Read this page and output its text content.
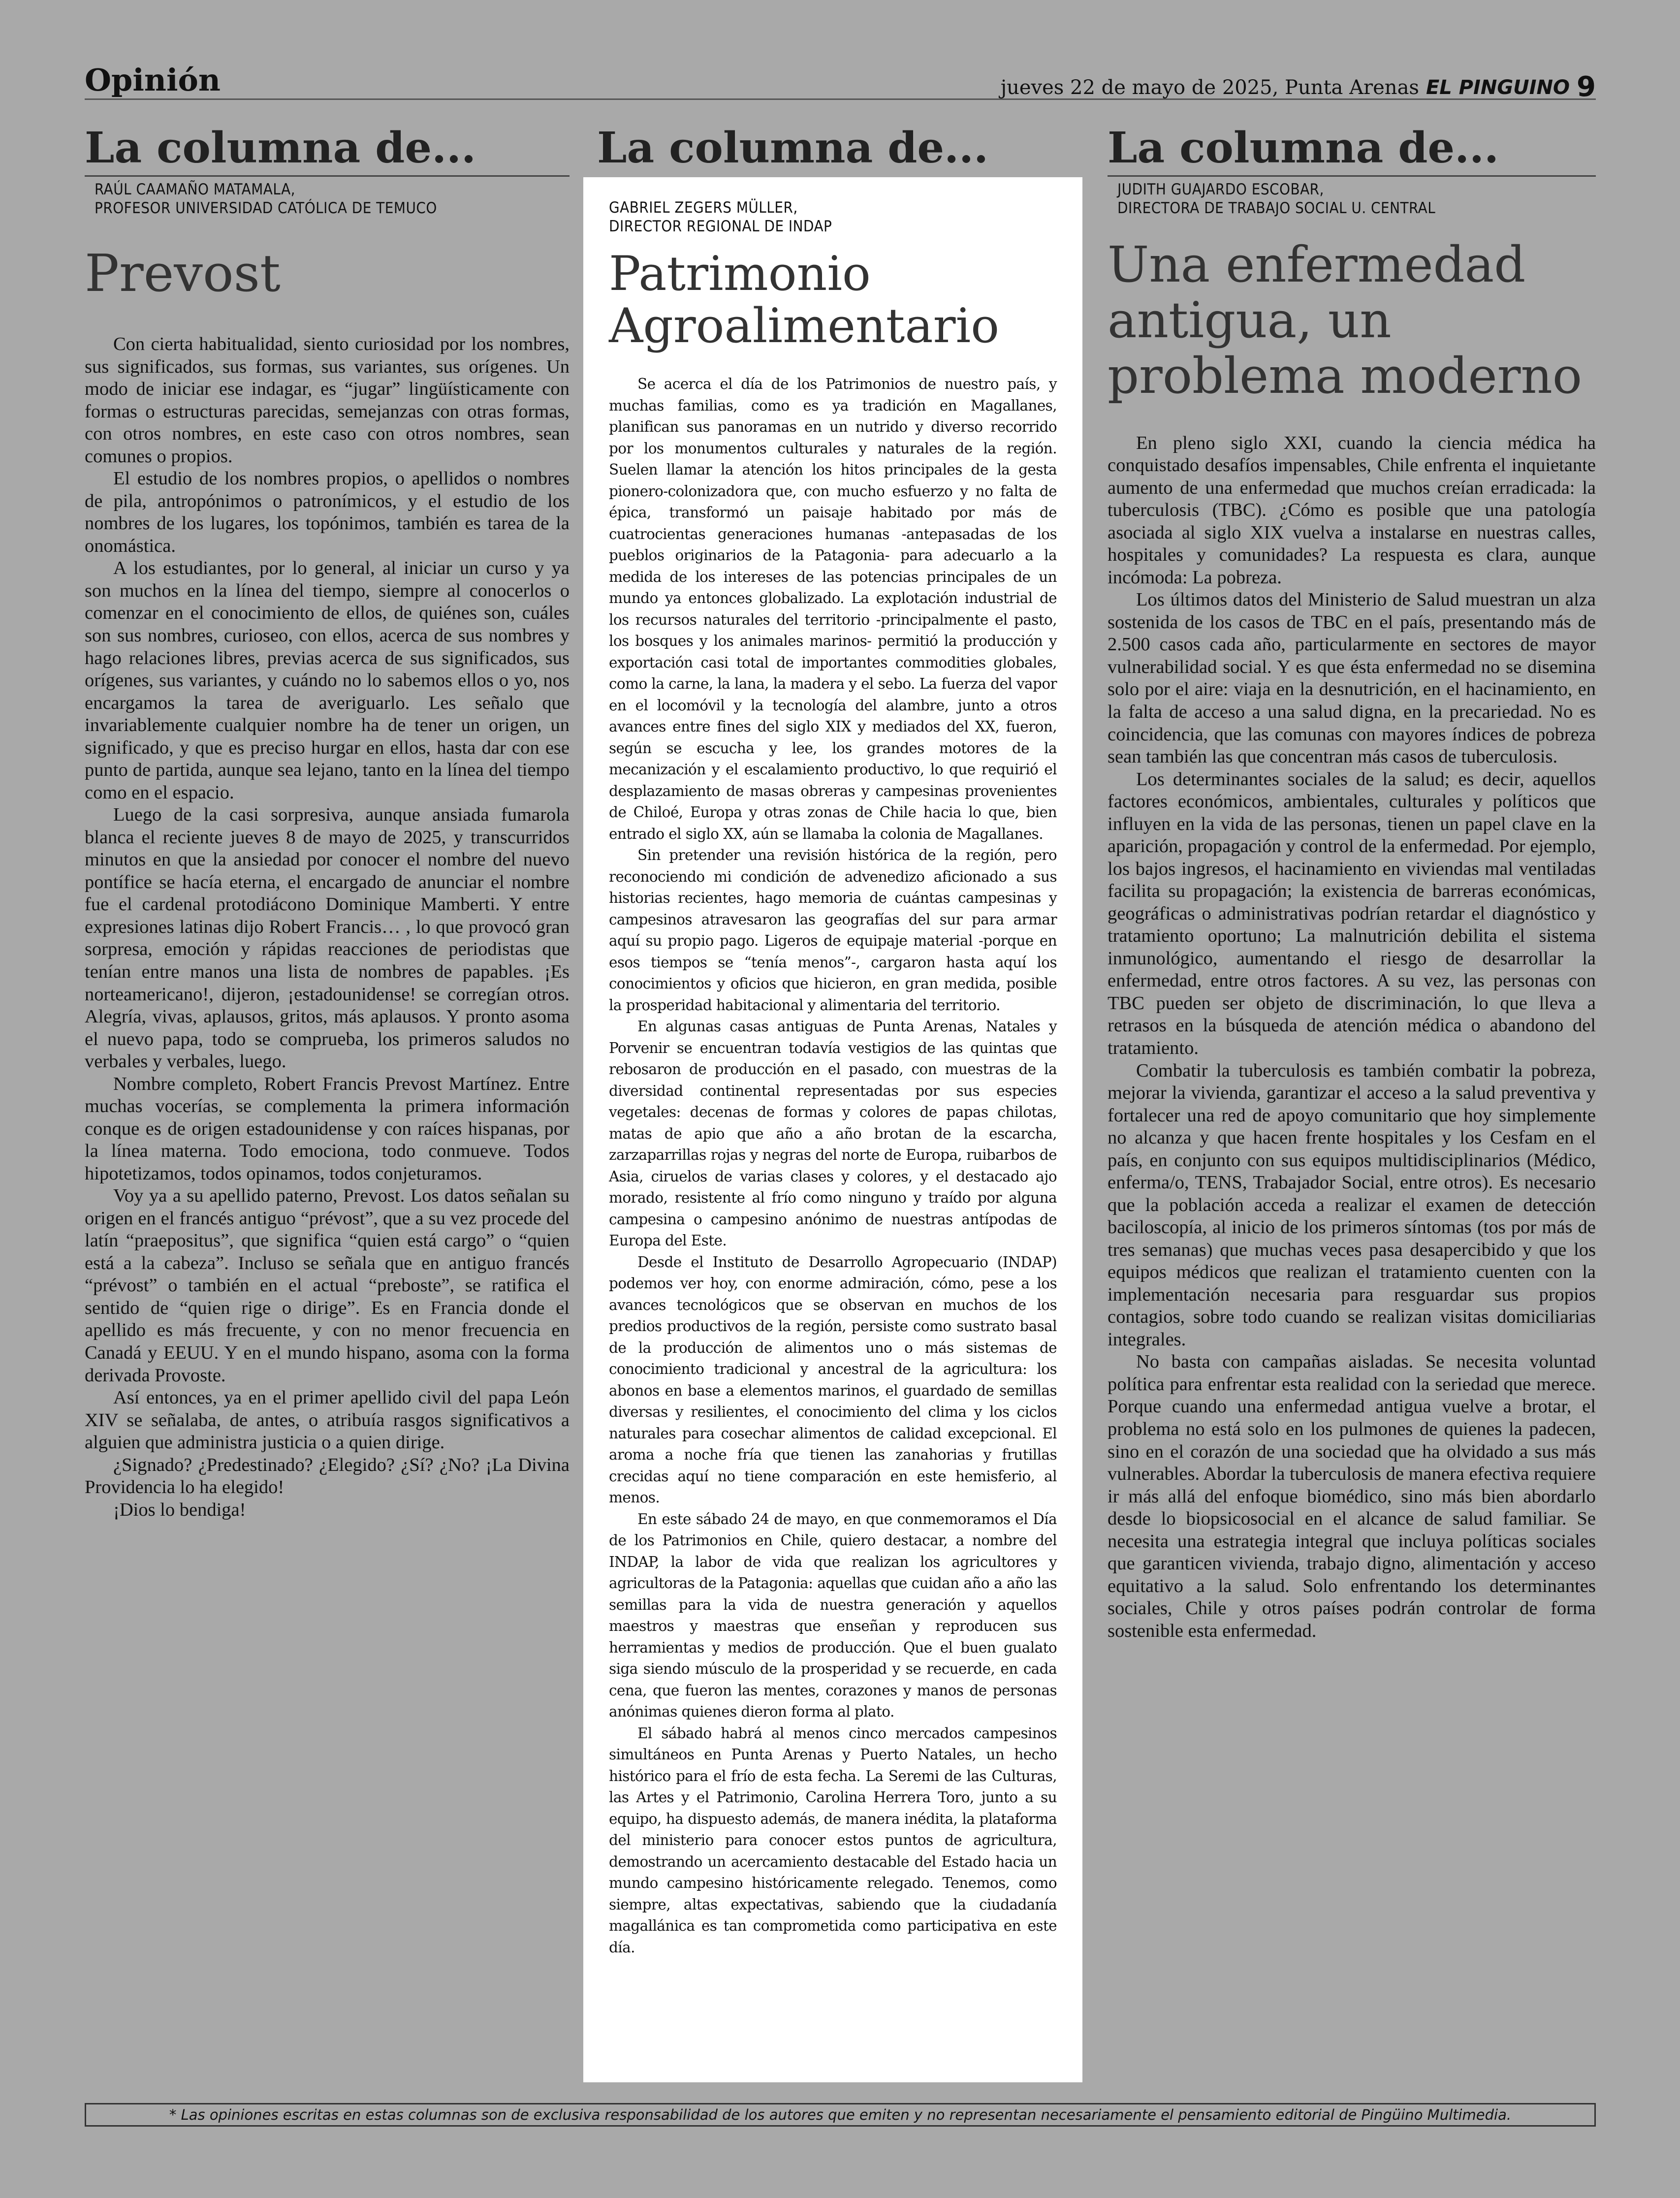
Opinión	jueves 22 de mayo de 2025, Punta Arenas EL PINGUINO 9
La columna de...
RAÚL CAAMAÑO MATAMALA,
PROFESOR UNIVERSIDAD CATÓLICA DE TEMUCO
Prevost

Con cierta habitualidad, siento curiosidad por los nombres, sus significados, sus formas, sus variantes, sus orígenes. Un modo de iniciar ese indagar, es “jugar” lingüísticamente con formas o estructuras parecidas, semejanzas con otras formas, con otros nombres, en este caso con otros nombres, sean comunes o propios.

El estudio de los nombres propios, o apellidos o nombres de pila, antropónimos o patronímicos, y el estudio de los nombres de los lugares, los topónimos, también es tarea de la onomástica.

A los estudiantes, por lo general, al iniciar un curso y ya son muchos en la línea del tiempo, siempre al conocerlos o comenzar en el conocimiento de ellos, de quiénes son, cuáles son sus nombres, curioseo, con ellos, acerca de sus nombres y hago relaciones libres, previas acerca de sus significados, sus orígenes, sus variantes, y cuándo no lo sabemos ellos o yo, nos encargamos la tarea de averiguarlo. Les señalo que invariablemente cualquier nombre ha de tener un origen, un significado, y que es preciso hurgar en ellos, hasta dar con ese punto de partida, aunque sea lejano, tanto en la línea del tiempo como en el espacio.

Luego de la casi sorpresiva, aunque ansiada fumarola blanca el reciente jueves 8 de mayo de 2025, y transcurridos minutos en que la ansiedad por conocer el nombre del nuevo pontífice se hacía eterna, el encargado de anunciar el nombre fue el cardenal protodiácono Dominique Mamberti. Y entre expresiones latinas dijo Robert Francis… , lo que provocó gran sorpresa, emoción y rápidas reacciones de periodistas que tenían entre manos una lista de nombres de papables. ¡Es norteamericano!, dijeron, ¡estadounidense! se corregían otros. Alegría, vivas, aplausos, gritos, más aplausos. Y pronto asoma el nuevo papa, todo se comprueba, los primeros saludos no verbales y verbales, luego.

Nombre completo, Robert Francis Prevost Martínez. Entre muchas vocerías, se complementa la primera información conque es de origen estadounidense y con raíces hispanas, por la línea materna. Todo emociona, todo conmueve. Todos hipotetizamos, todos opinamos, todos conjeturamos.

Voy ya a su apellido paterno, Prevost. Los datos señalan su origen en el francés antiguo “prévost”, que a su vez procede del latín “praepositus”, que significa “quien está cargo” o “quien está a la cabeza”. Incluso se señala que en antiguo francés “prévost” o también en el actual “preboste”, se ratifica el sentido de “quien rige o dirige”. Es en Francia donde el apellido es más frecuente, y con no menor frecuencia en Canadá y EEUU. Y en el mundo hispano, asoma con la forma derivada Provoste.

Así entonces, ya en el primer apellido civil del papa León XIV se señalaba, de antes, o atribuía rasgos significativos a alguien que administra justicia o a quien dirige.

¿Signado? ¿Predestinado? ¿Elegido? ¿Sí? ¿No? ¡La Divina Providencia lo ha elegido!

¡Dios lo bendiga!

La columna de...
GABRIEL ZEGERS MÜLLER,
DIRECTOR REGIONAL DE INDAP
Patrimonio
Agroalimentario

Se acerca el día de los Patrimonios de nuestro país, y muchas familias, como es ya tradición en Magallanes, planifican sus panoramas en un nutrido y diverso recorrido por los monumentos culturales y naturales de la región. Suelen llamar la atención los hitos principales de la gesta pionero-colonizadora que, con mucho esfuerzo y no falta de épica, transformó un paisaje habitado por más de cuatrocientas generaciones humanas -antepasadas de los pueblos originarios de la Patagonia- para adecuarlo a la medida de los intereses de las potencias principales de un mundo ya entonces globalizado. La explotación industrial de los recursos naturales del territorio -principalmente el pasto, los bosques y los animales marinos- permitió la producción y exportación casi total de importantes commodities globales, como la carne, la lana, la madera y el sebo. La fuerza del vapor en el locomóvil y la tecnología del alambre, junto a otros avances entre fines del siglo XIX y mediados del XX, fueron, según se escucha y lee, los grandes motores de la mecanización y el escalamiento productivo, lo que requirió el desplazamiento de masas obreras y campesinas provenientes de Chiloé, Europa y otras zonas de Chile hacia lo que, bien entrado el siglo XX, aún se llamaba la colonia de Magallanes.

Sin pretender una revisión histórica de la región, pero reconociendo mi condición de advenedizo aficionado a sus historias recientes, hago memoria de cuántas campesinas y campesinos atravesaron las geografías del sur para armar aquí su propio pago. Ligeros de equipaje material -porque en esos tiempos se “tenía menos”-, cargaron hasta aquí los conocimientos y oficios que hicieron, en gran medida, posible la prosperidad habitacional y alimentaria del territorio.

En algunas casas antiguas de Punta Arenas, Natales y Porvenir se encuentran todavía vestigios de las quintas que rebosaron de producción en el pasado, con muestras de la diversidad continental representadas por sus especies vegetales: decenas de formas y colores de papas chilotas, matas de apio que año a año brotan de la escarcha, zarzaparrillas rojas y negras del norte de Europa, ruibarbos de Asia, ciruelos de varias clases y colores, y el destacado ajo morado, resistente al frío como ninguno y traído por alguna campesina o campesino anónimo de nuestras antípodas de Europa del Este.

Desde el Instituto de Desarrollo Agropecuario (INDAP) podemos ver hoy, con enorme admiración, cómo, pese a los avances tecnológicos que se observan en muchos de los predios productivos de la región, persiste como sustrato basal de la producción de alimentos uno o más sistemas de conocimiento tradicional y ancestral de la agricultura: los abonos en base a elementos marinos, el guardado de semillas diversas y resilientes, el conocimiento del clima y los ciclos naturales para cosechar alimentos de calidad excepcional. El aroma a noche fría que tienen las zanahorias y frutillas crecidas aquí no tiene comparación en este hemisferio, al menos.

En este sábado 24 de mayo, en que conmemoramos el Día de los Patrimonios en Chile, quiero destacar, a nombre del INDAP, la labor de vida que realizan los agricultores y agricultoras de la Patagonia: aquellas que cuidan año a año las semillas para la vida de nuestra generación y aquellos maestros y maestras que enseñan y reproducen sus herramientas y medios de producción. Que el buen gualato siga siendo músculo de la prosperidad y se recuerde, en cada cena, que fueron las mentes, corazones y manos de personas anónimas quienes dieron forma al plato.

El sábado habrá al menos cinco mercados campesinos simultáneos en Punta Arenas y Puerto Natales, un hecho histórico para el frío de esta fecha. La Seremi de las Culturas, las Artes y el Patrimonio, Carolina Herrera Toro, junto a su equipo, ha dispuesto además, de manera inédita, la plataforma del ministerio para conocer estos puntos de agricultura, demostrando un acercamiento destacable del Estado hacia un mundo campesino históricamente relegado. Tenemos, como siempre, altas expectativas, sabiendo que la ciudadanía magallánica es tan comprometida como participativa en este día.

La columna de...
JUDITH GUAJARDO ESCOBAR,
DIRECTORA DE TRABAJO SOCIAL U. CENTRAL
Una enfermedad
antigua, un
problema moderno

En pleno siglo XXI, cuando la ciencia médica ha conquistado desafíos impensables, Chile enfrenta el inquietante aumento de una enfermedad que muchos creían erradicada: la tuberculosis (TBC). ¿Cómo es posible que una patología asociada al siglo XIX vuelva a instalarse en nuestras calles, hospitales y comunidades? La respuesta es clara, aunque incómoda: La pobreza.

Los últimos datos del Ministerio de Salud muestran un alza sostenida de los casos de TBC en el país, presentando más de 2.500 casos cada año, particularmente en sectores de mayor vulnerabilidad social. Y es que ésta enfermedad no se disemina solo por el aire: viaja en la desnutrición, en el hacinamiento, en la falta de acceso a una salud digna, en la precariedad. No es coincidencia, que las comunas con mayores índices de pobreza sean también las que concentran más casos de tuberculosis.

Los determinantes sociales de la salud; es decir, aquellos factores económicos, ambientales, culturales y políticos que influyen en la vida de las personas, tienen un papel clave en la aparición, propagación y control de la enfermedad. Por ejemplo, los bajos ingresos, el hacinamiento en viviendas mal ventiladas facilita su propagación; la existencia de barreras económicas, geográficas o administrativas podrían retardar el diagnóstico y tratamiento oportuno; La malnutrición debilita el sistema inmunológico, aumentando el riesgo de desarrollar la enfermedad, entre otros factores. A su vez, las personas con TBC pueden ser objeto de discriminación, lo que lleva a retrasos en la búsqueda de atención médica o abandono del tratamiento.

Combatir la tuberculosis es también combatir la pobreza, mejorar la vivienda, garantizar el acceso a la salud preventiva y fortalecer una red de apoyo comunitario que hoy simplemente no alcanza y que hacen frente hospitales y los Cesfam en el país, en conjunto con sus equipos multidisciplinarios (Médico, enferma/o, TENS, Trabajador Social, entre otros). Es necesario que la población acceda a realizar el examen de detección baciloscopía, al inicio de los primeros síntomas (tos por más de tres semanas) que muchas veces pasa desapercibido y que los equipos médicos que realizan el tratamiento cuenten con la implementación necesaria para resguardar sus propios contagios, sobre todo cuando se realizan visitas domiciliarias integrales.

No basta con campañas aisladas. Se necesita voluntad política para enfrentar esta realidad con la seriedad que merece. Porque cuando una enfermedad antigua vuelve a brotar, el problema no está solo en los pulmones de quienes la padecen, sino en el corazón de una sociedad que ha olvidado a sus más vulnerables. Abordar la tuberculosis de manera efectiva requiere ir más allá del enfoque biomédico, sino más bien abordarlo desde lo biopsicosocial en el alcance de salud familiar. Se necesita una estrategia integral que incluya políticas sociales que garanticen vivienda, trabajo digno, alimentación y acceso equitativo a la salud. Solo enfrentando los determinantes sociales, Chile y otros países podrán controlar de forma sostenible esta enfermedad.

* Las opiniones escritas en estas columnas son de exclusiva responsabilidad de los autores que emiten y no representan necesariamente el pensamiento editorial de Pingüino Multimedia.
